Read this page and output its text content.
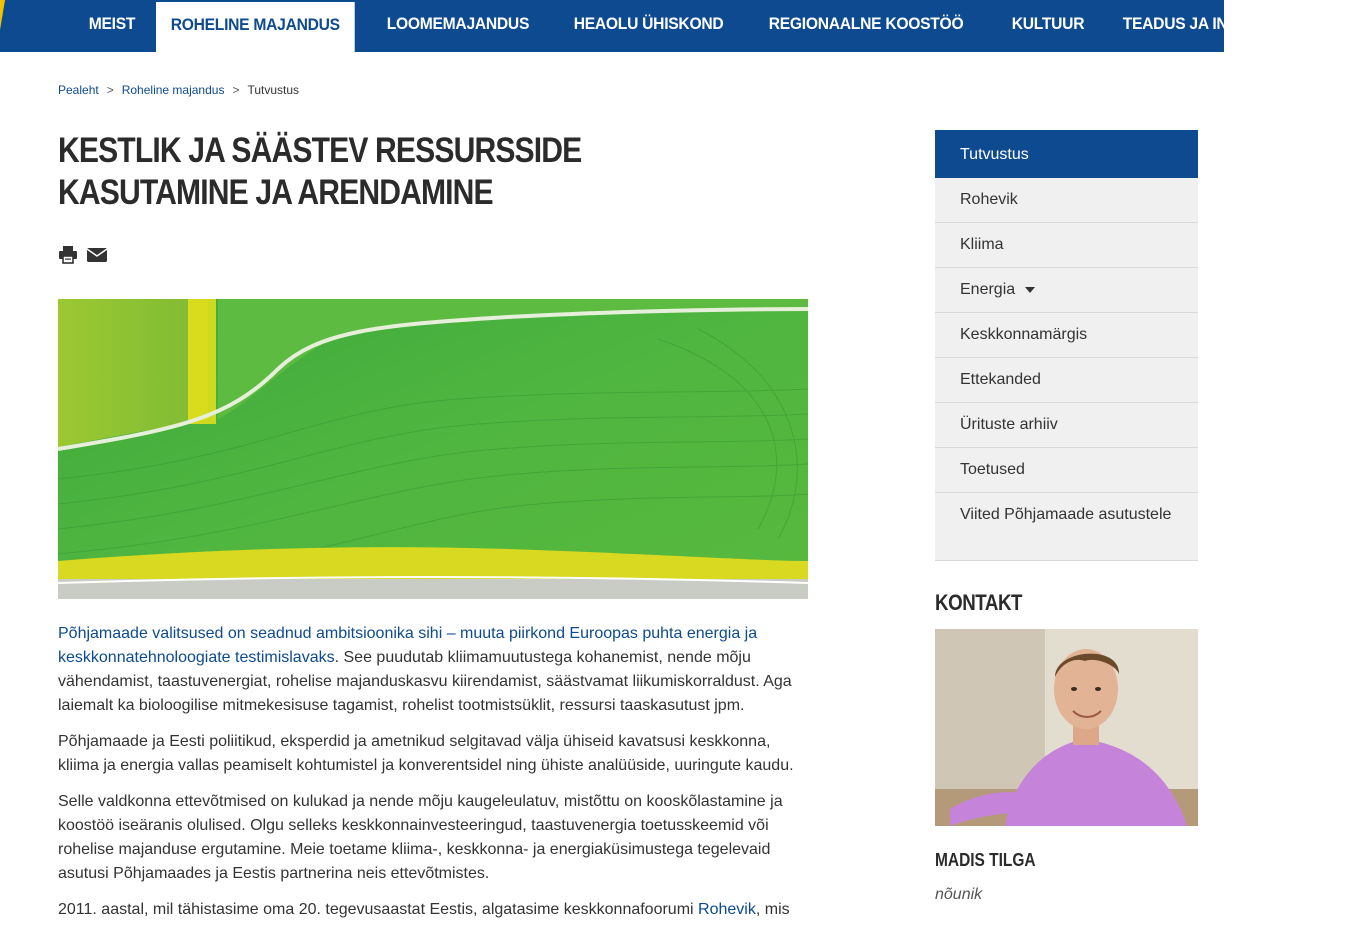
MEIST	ROHELINE MAJANDUS	LOOMEMAJANDUS	HEAOLU ÜHISKOND	REGIONAALNE KOOSTÖÖ	KULTUUR	TEADUS JA INNOVATSIOON
Pealeht > Roheline majandus > Tutvustus
KESTLIK JA SÄÄSTEV RESSURSSIDE KASUTAMINE JA ARENDAMINE

Põhjamaade valitsused on seadnud ambitsioonika sihi – muuta piirkond Euroopas puhta energia ja keskkonnatehnoloogiate testimislavaks. See puudutab kliimamuutustega kohanemist, nende mõju vähendamist, taastuvenergiat, rohelise majanduskasvu kiirendamist, säästvamat liikumiskorraldust. Aga laiemalt ka bioloogilise mitmekesisuse tagamist, rohelist tootmistsüklit, ressursi taaskasutust jpm.

Põhjamaade ja Eesti poliitikud, eksperdid ja ametnikud selgitavad välja ühiseid kavatsusi keskkonna, kliima ja energia vallas peamiselt kohtumistel ja konverentsidel ning ühiste analüüside, uuringute kaudu.

Selle valdkonna ettevõtmised on kulukad ja nende mõju kaugeleulatuv, mistõttu on kooskõlastamine ja koostöö iseäranis olulised. Olgu selleks keskkonnainvesteeringud, taastuvenergia toetusskeemid või rohelise majanduse ergutamine. Meie toetame kliima-, keskkonna- ja energiaküsimustega tegelevaid asutusi Põhjamaades ja Eestis partnerina neis ettevõtmistes.

2011. aastal, mil tähistasime oma 20. tegevusaastat Eestis, algatasime keskkonnafoorumi Rohevik, mis

Tutvustus
Rohevik
Kliima
Energia
Keskkonnamärgis
Ettekanded
Ürituste arhiiv
Toetused
Viited Põhjamaade asutustele
KONTAKT
MADIS TILGA
nõunik
